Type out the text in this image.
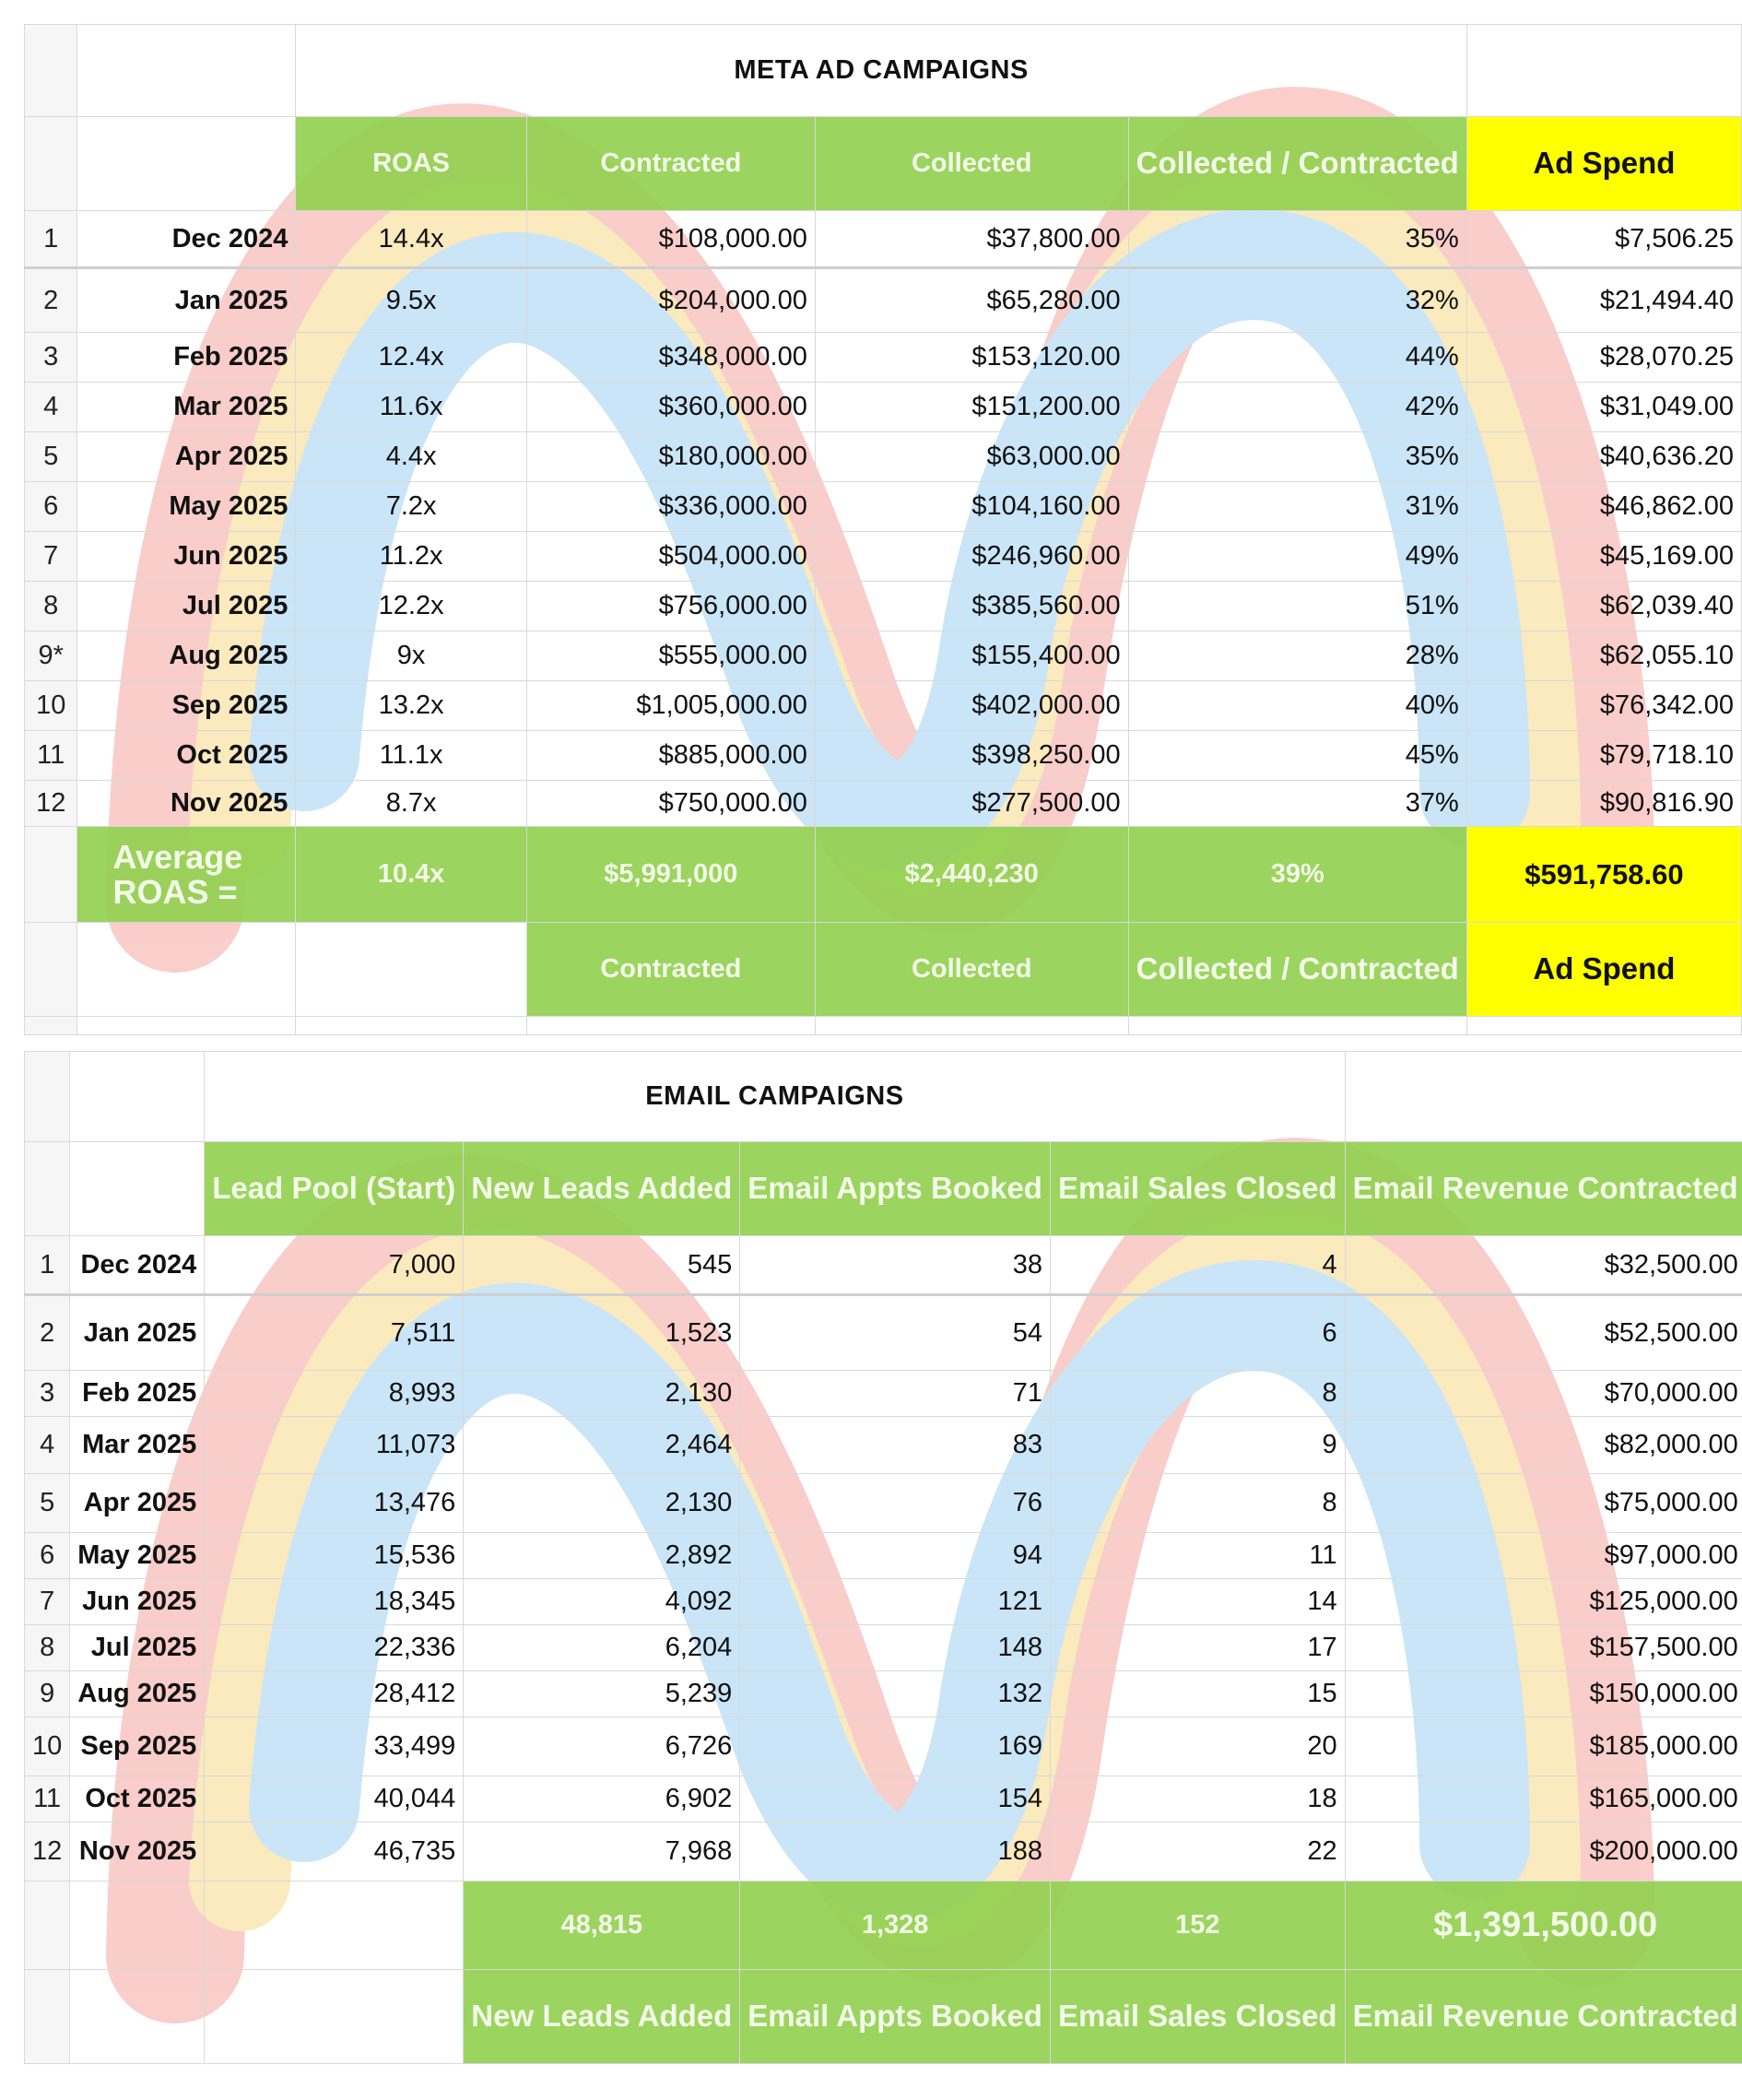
		META AD CAMPAIGNS				
		ROAS	Contracted	Collected	Collected / Contracted	Ad Spend
1	Dec 2024	14.4x	$108,000.00	$37,800.00	35%	$7,506.25
2	Jan 2025	9.5x	$204,000.00	$65,280.00	32%	$21,494.40
3	Feb 2025	12.4x	$348,000.00	$153,120.00	44%	$28,070.25
4	Mar 2025	11.6x	$360,000.00	$151,200.00	42%	$31,049.00
5	Apr 2025	4.4x	$180,000.00	$63,000.00	35%	$40,636.20
6	May 2025	7.2x	$336,000.00	$104,160.00	31%	$46,862.00
7	Jun 2025	11.2x	$504,000.00	$246,960.00	49%	$45,169.00
8	Jul 2025	12.2x	$756,000.00	$385,560.00	51%	$62,039.40
9*	Aug 2025	9x	$555,000.00	$155,400.00	28%	$62,055.10
10	Sep 2025	13.2x	$1,005,000.00	$402,000.00	40%	$76,342.00
11	Oct 2025	11.1x	$885,000.00	$398,250.00	45%	$79,718.10
12	Nov 2025	8.7x	$750,000.00	$277,500.00	37%	$90,816.90
	Average ROAS =	10.4x	$5,991,000	$2,440,230	39%	$591,758.60
			Contracted	Collected	Collected / Contracted	Ad Spend

		EMAIL CAMPAIGNS				
		Lead Pool (Start)	New Leads Added	Email Appts Booked	Email Sales Closed	Email Revenue Contracted
1	Dec 2024	7,000	545	38	4	$32,500.00
2	Jan 2025	7,511	1,523	54	6	$52,500.00
3	Feb 2025	8,993	2,130	71	8	$70,000.00
4	Mar 2025	11,073	2,464	83	9	$82,000.00
5	Apr 2025	13,476	2,130	76	8	$75,000.00
6	May 2025	15,536	2,892	94	11	$97,000.00
7	Jun 2025	18,345	4,092	121	14	$125,000.00
8	Jul 2025	22,336	6,204	148	17	$157,500.00
9	Aug 2025	28,412	5,239	132	15	$150,000.00
10	Sep 2025	33,499	6,726	169	20	$185,000.00
11	Oct 2025	40,044	6,902	154	18	$165,000.00
12	Nov 2025	46,735	7,968	188	22	$200,000.00
			48,815	1,328	152	$1,391,500.00
			New Leads Added	Email Appts Booked	Email Sales Closed	Email Revenue Contracted
